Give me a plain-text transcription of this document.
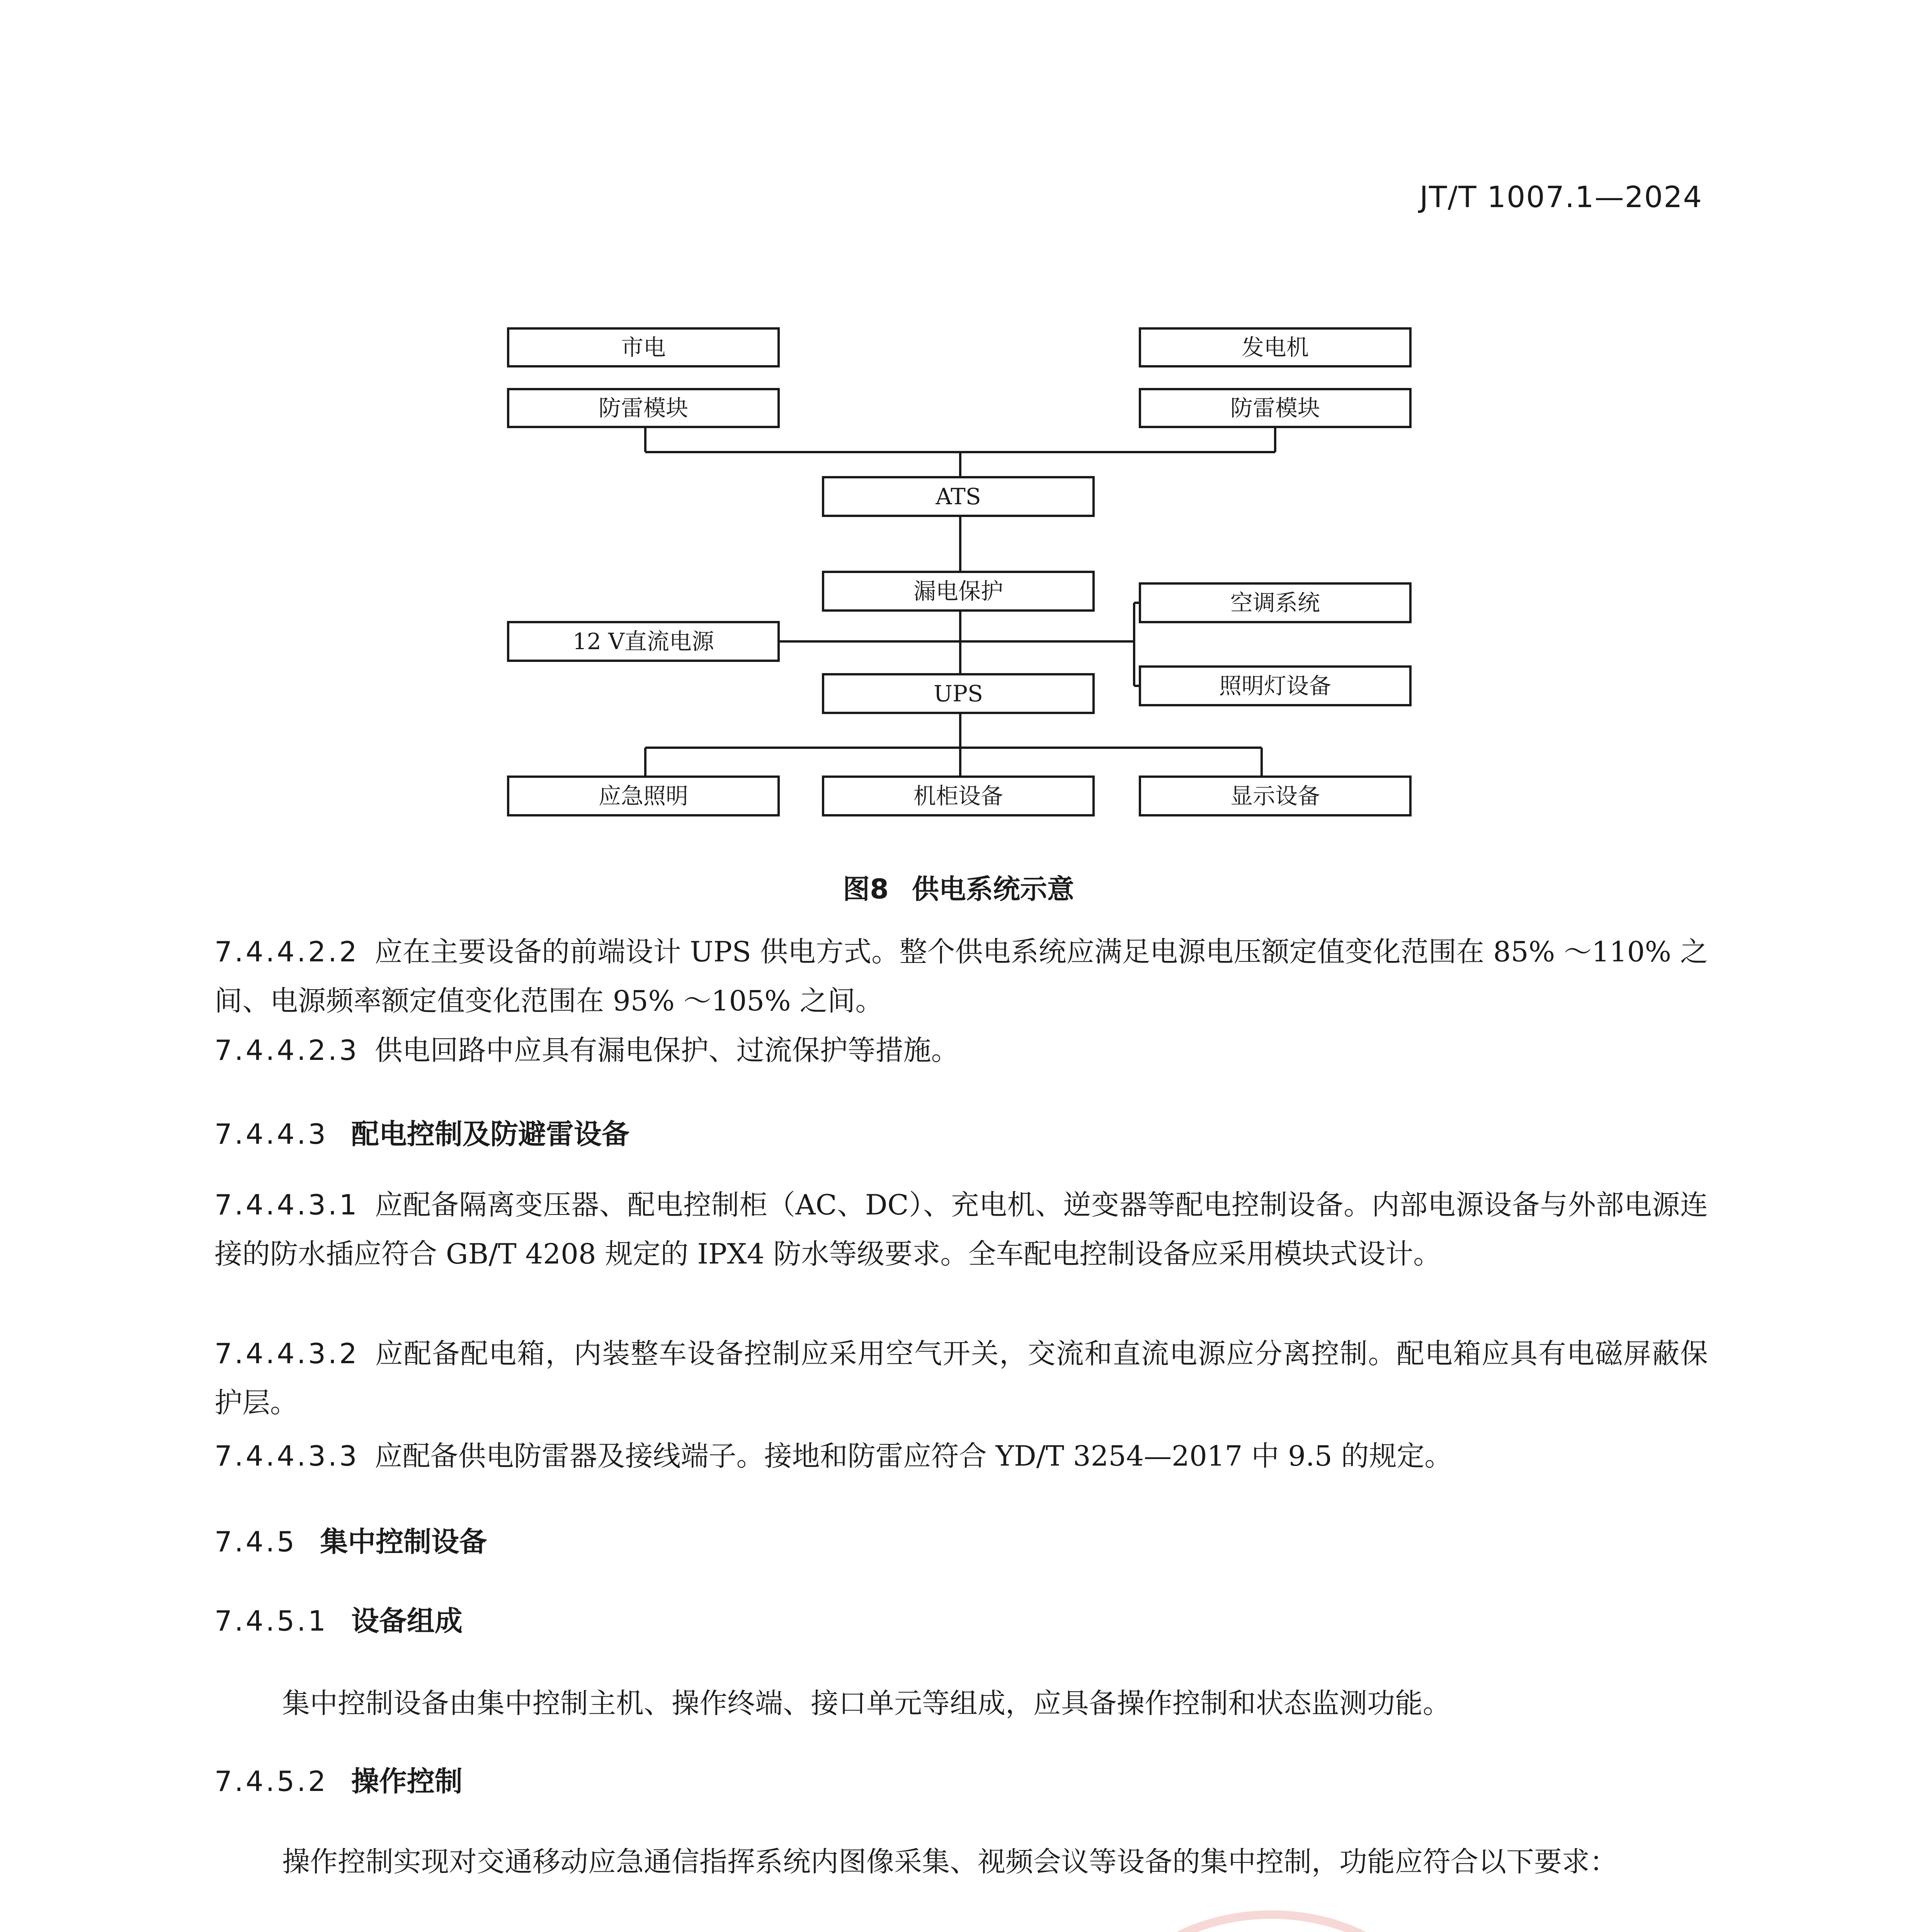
JT/T 1007.1—2024
市电	发电机
防雷模块	防雷模块
ATS
漏电保护	空调系统
12 V直流电源
UPS	照明灯设备
应急照明	机柜设备	显示设备
图8 供电系统示意
7.4.4.2.2 应在主要设备的前端设计 UPS 供电方式。整个供电系统应满足电源电压额定值变化范围在 85% ～110% 之间、电源频率额定值变化范围在 95% ～105% 之间。
7.4.4.2.3 供电回路中应具有漏电保护、过流保护等措施。
7.4.4.3 配电控制及防避雷设备
7.4.4.3.1 应配备隔离变压器、配电控制柜（AC、DC）、充电机、逆变器等配电控制设备。内部电源设备与外部电源连接的防水插应符合 GB/T 4208 规定的 IPX4 防水等级要求。全车配电控制设备应采用模块式设计。
7.4.4.3.2 应配备配电箱，内装整车设备控制应采用空气开关，交流和直流电源应分离控制。配电箱应具有电磁屏蔽保护层。
7.4.4.3.3 应配备供电防雷器及接线端子。接地和防雷应符合 YD/T 3254—2017 中 9.5 的规定。
7.4.5 集中控制设备
7.4.5.1 设备组成
集中控制设备由集中控制主机、操作终端、接口单元等组成，应具备操作控制和状态监测功能。
7.4.5.2 操作控制
操作控制实现对交通移动应急通信指挥系统内图像采集、视频会议等设备的集中控制，功能应符合以下要求：
